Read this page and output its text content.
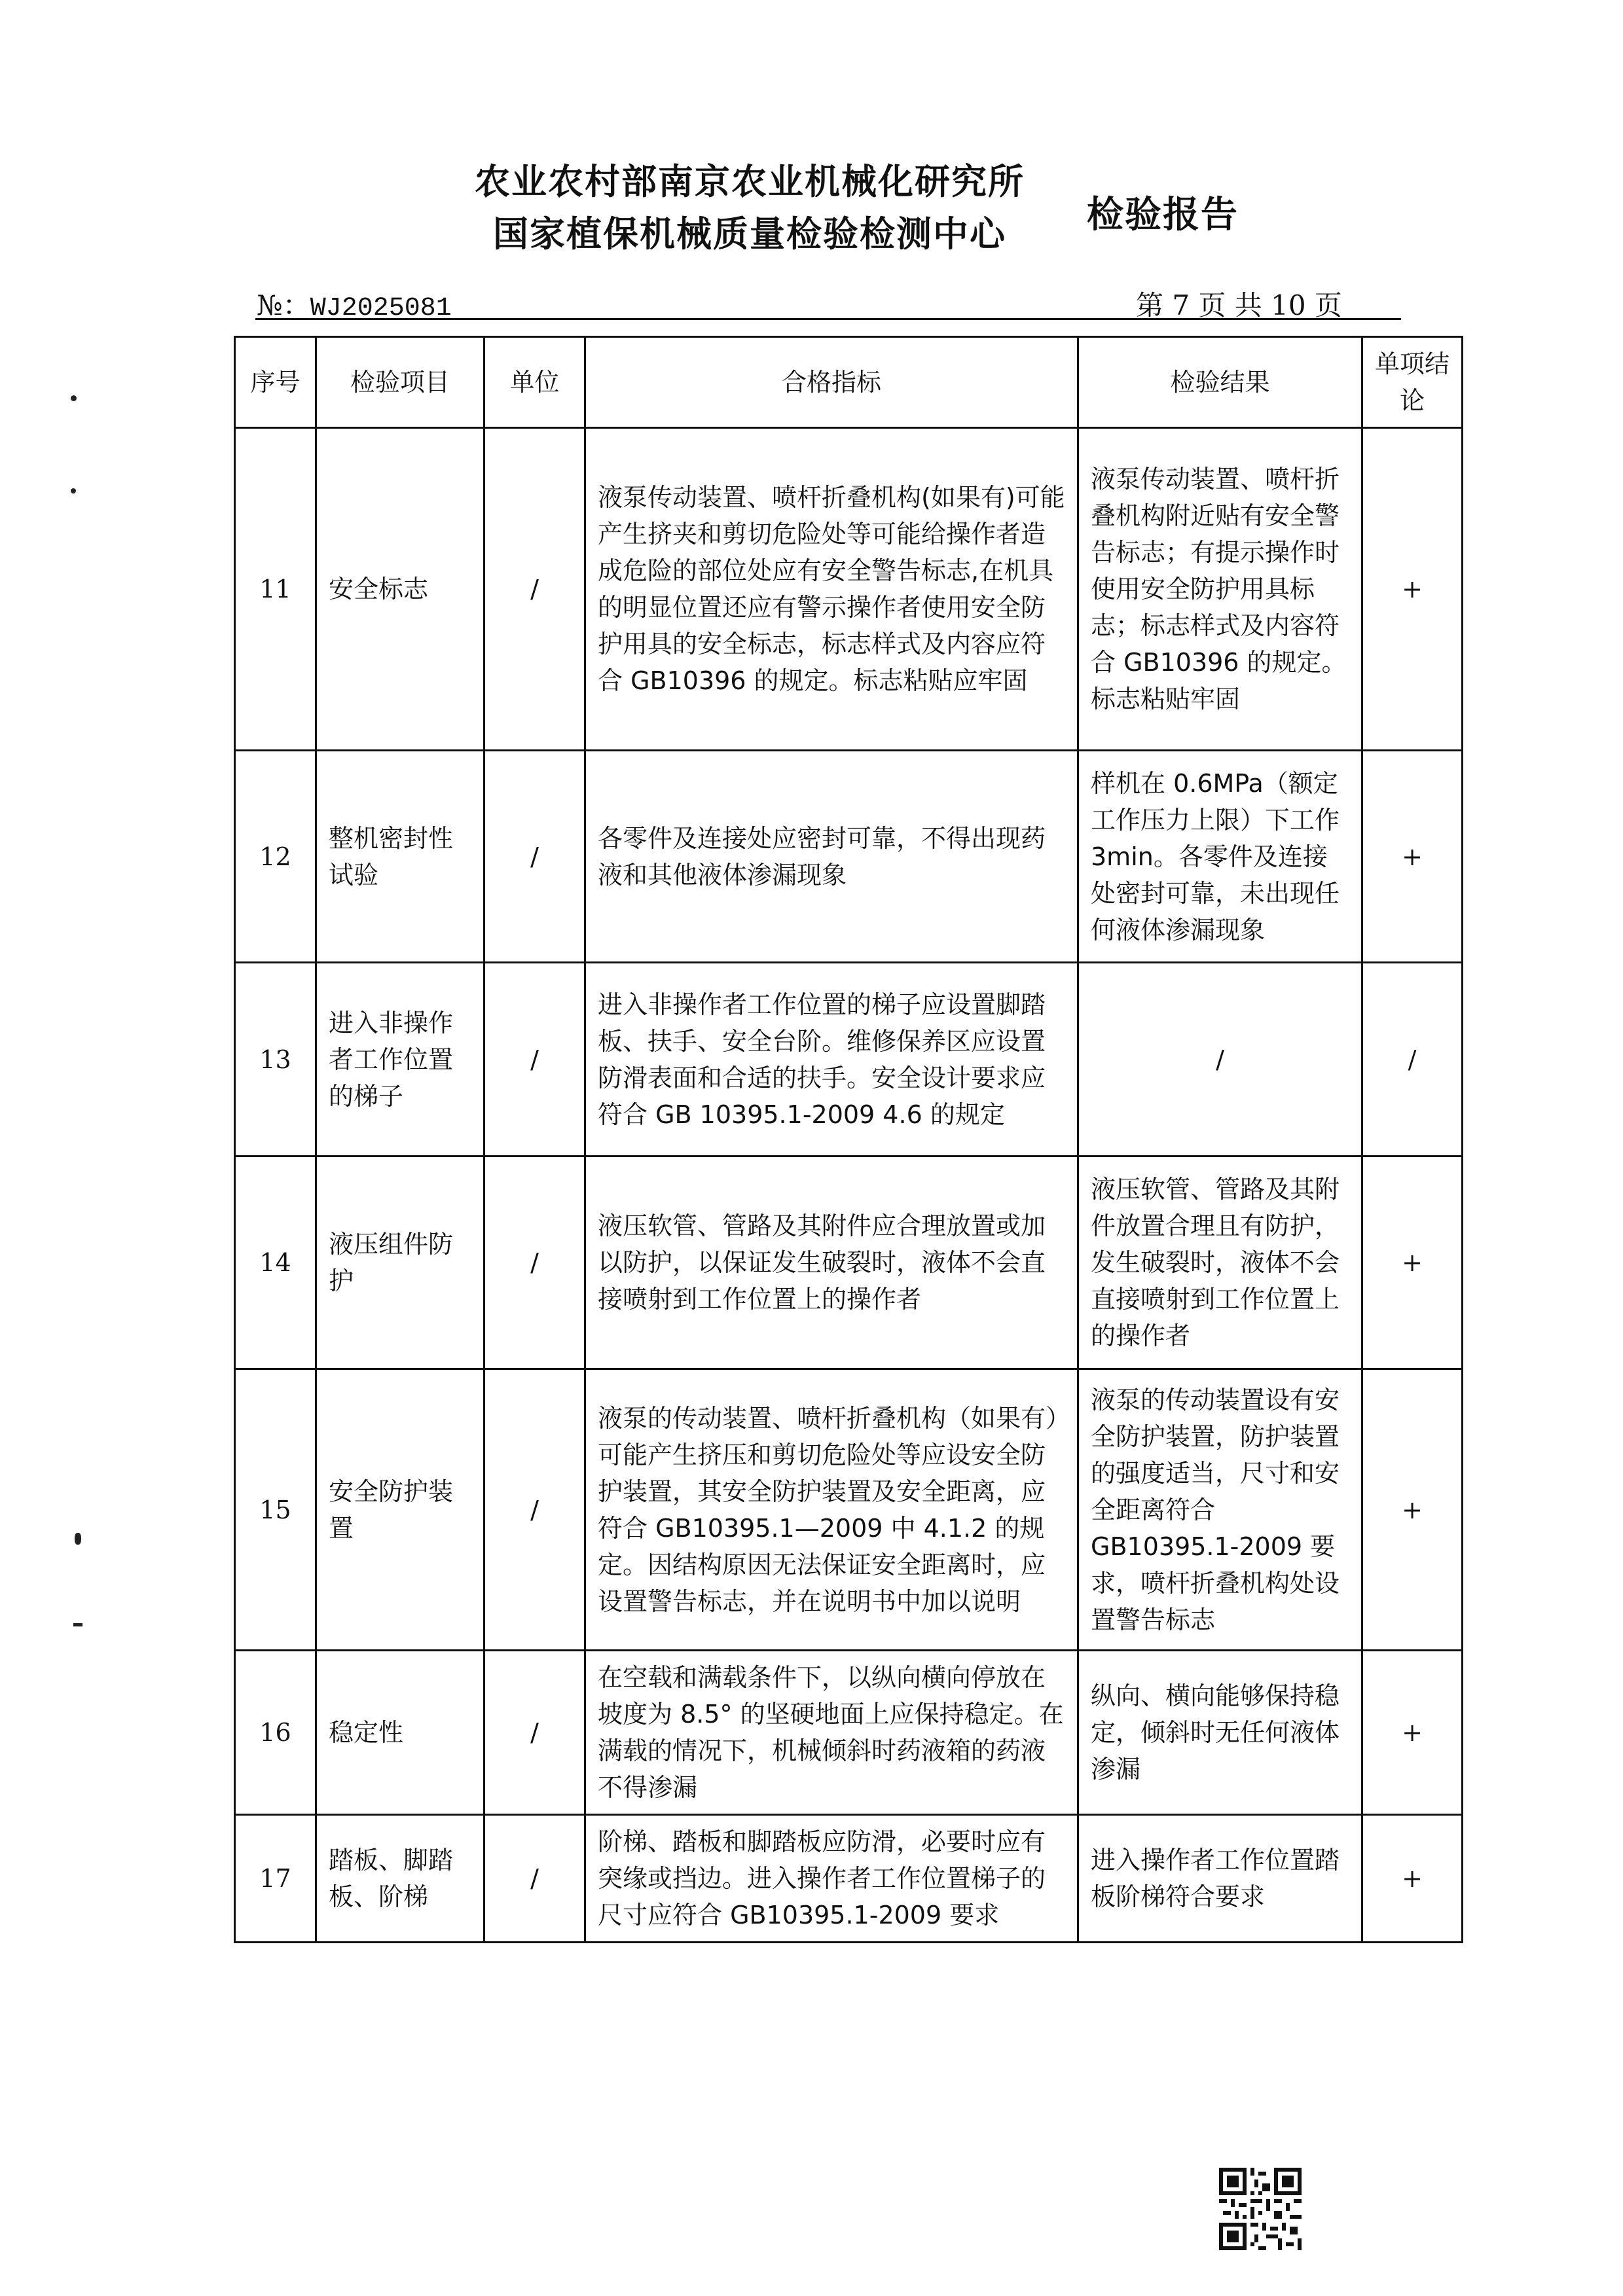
农业农村部南京农业机械化研究所
国家植保机械质量检验检测中心	检验报告
№：WJ2025081	第 7 页 共 10 页
序号	检验项目	单位	合格指标	检验结果	单项结论
11	安全标志	/	液泵传动装置、喷杆折叠机构(如果有)可能产生挤夹和剪切危险处等可能给操作者造成危险的部位处应有安全警告标志,在机具的明显位置还应有警示操作者使用安全防护用具的安全标志，标志样式及内容应符合 GB10396 的规定。标志粘贴应牢固	液泵传动装置、喷杆折叠机构附近贴有安全警告标志；有提示操作时使用安全防护用具标志；标志样式及内容符合 GB10396 的规定。标志粘贴牢固	+
12	整机密封性试验	/	各零件及连接处应密封可靠，不得出现药液和其他液体渗漏现象	样机在 0.6MPa（额定工作压力上限）下工作 3min。各零件及连接处密封可靠，未出现任何液体渗漏现象	+
13	进入非操作者工作位置的梯子	/	进入非操作者工作位置的梯子应设置脚踏板、扶手、安全台阶。维修保养区应设置防滑表面和合适的扶手。安全设计要求应符合 GB 10395.1-2009 4.6 的规定	/	/
14	液压组件防护	/	液压软管、管路及其附件应合理放置或加以防护，以保证发生破裂时，液体不会直接喷射到工作位置上的操作者	液压软管、管路及其附件放置合理且有防护，发生破裂时，液体不会直接喷射到工作位置上的操作者	+
15	安全防护装置	/	液泵的传动装置、喷杆折叠机构（如果有）可能产生挤压和剪切危险处等应设安全防护装置，其安全防护装置及安全距离，应符合 GB10395.1—2009 中 4.1.2 的规定。因结构原因无法保证安全距离时，应设置警告标志，并在说明书中加以说明	液泵的传动装置设有安全防护装置，防护装置的强度适当，尺寸和安全距离符合 GB10395.1-2009 要求，喷杆折叠机构处设置警告标志	+
16	稳定性	/	在空载和满载条件下，以纵向横向停放在坡度为 8.5° 的坚硬地面上应保持稳定。在满载的情况下，机械倾斜时药液箱的药液不得渗漏	纵向、横向能够保持稳定，倾斜时无任何液体渗漏	+
17	踏板、脚踏板、阶梯	/	阶梯、踏板和脚踏板应防滑，必要时应有突缘或挡边。进入操作者工作位置梯子的尺寸应符合 GB10395.1-2009 要求	进入操作者工作位置踏板阶梯符合要求	+
